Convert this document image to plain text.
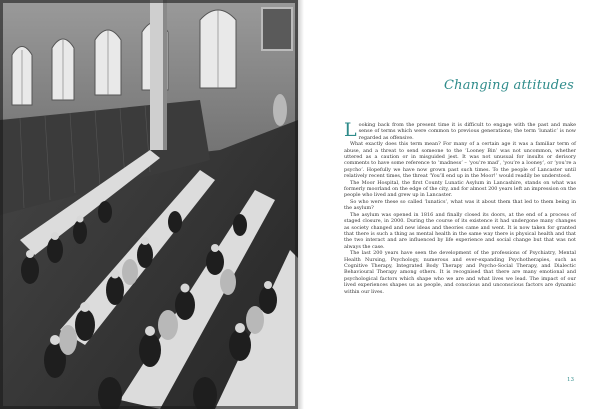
Changing attitudes

Looking back from the present time it is difficult to engage with the past and make sense of terms which were common to previous generations; the term ‘lunatic’ is now regarded as offensive.

What exactly does this term mean? For many of a certain age it was a familiar term of abuse, and a threat to send someone to the ‘Looney Bin’ was not uncommon, whether uttered as a caution or in misguided jest. It was not unusual for insults or derisory comments to have some reference to ‘madness’ – ‘you’re mad’, ‘you’re a looney’, or ‘you’re a psycho’. Hopefully we have now grown past such times. To the people of Lancaster until relatively recent times, the threat ‘You’ll end up in the Moor!’ would readily be understood.

The Moor Hospital, the first County Lunatic Asylum in Lancashire, stands on what was formerly moorland on the edge of the city, and for almost 200 years left an impression on the people who lived and grew up in Lancaster.

So who were these so called ‘lunatics’, what was it about them that led to them being in the asylum?

The asylum was opened in 1816 and finally closed its doors, at the end of a process of staged closure, in 2000. During the course of its existence it had undergone many changes as society changed and new ideas and theories came and went. It is now taken for granted that there is such a thing as mental health in the same way there is physical health and that the two interact and are influenced by life experience and social change but that was not always the case.

The last 200 years have seen the development of the professions of Psychiatry, Mental Health Nursing, Psychology, numerous and ever-expanding Psychotherapies, such as Cognitive Therapy, Integrated Body Therapy and Psycho-Social Therapy, and Dialectic Behavioural Therapy among others. It is recognised that there are many emotional and psychological factors which shape who we are and what lives we lead. The impact of our lived experiences shapes us as people, and conscious and unconscious factors are dynamic within our lives.

13
